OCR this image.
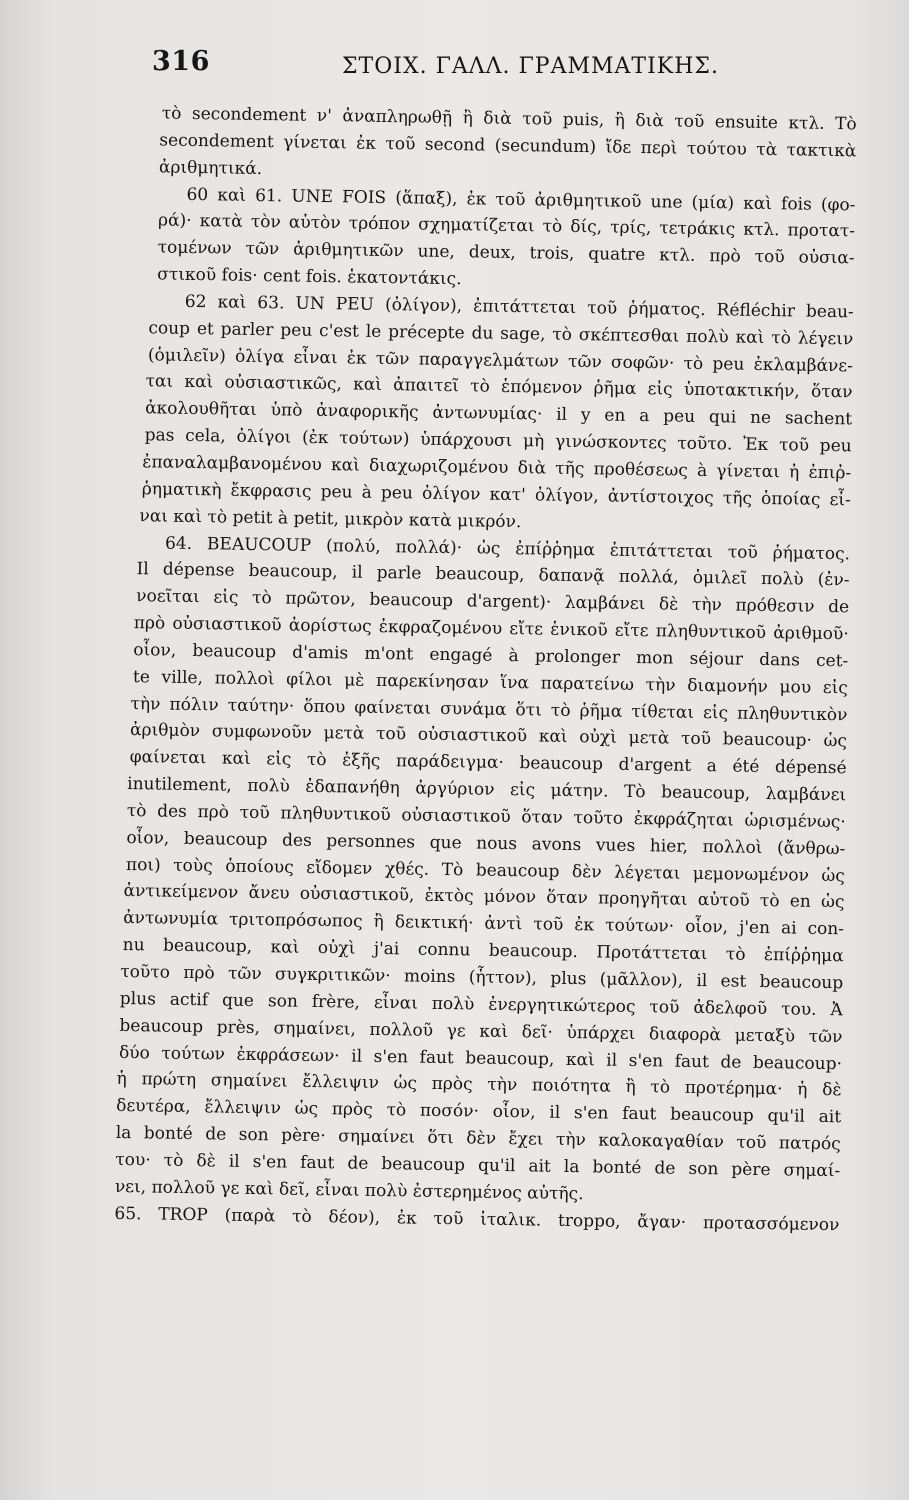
316	ΣΤΟΙΧ. ΓΑΛΛ. ΓΡΑΜΜΑΤΙΚΗΣ.
τὸ secondement ν' ἀναπληρωθῇ ἢ διὰ τοῦ puis, ἢ διὰ τοῦ ensuite κτλ. Τὸ
secondement γίνεται ἐκ τοῦ second (secundum) ἴδε περὶ τούτου τὰ τακτικὰ
ἀριθμητικά.
60 καὶ 61. UNE FOIS (ἅπαξ), ἐκ τοῦ ἀριθμητικοῦ une (μία) καὶ fois (φο-
ρά)· κατὰ τὸν αὐτὸν τρόπον σχηματίζεται τὸ δίς, τρίς, τετράκις κτλ. προτατ-
τομένων τῶν ἀριθμητικῶν une, deux, trois, quatre κτλ. πρὸ τοῦ οὐσια-
στικοῦ fois· cent fois. ἑκατοντάκις.
62 καὶ 63. UN PEU (ὀλίγον), ἐπιτάττεται τοῦ ῥήματος. Réfléchir beau-
coup et parler peu c'est le précepte du sage, τὸ σκέπτεσθαι πολὺ καὶ τὸ λέγειν
(ὁμιλεῖν) ὀλίγα εἶναι ἐκ τῶν παραγγελμάτων τῶν σοφῶν· τὸ peu ἐκλαμβάνε-
ται καὶ οὐσιαστικῶς, καὶ ἀπαιτεῖ τὸ ἑπόμενον ῥῆμα εἰς ὑποτακτικήν, ὅταν
ἀκολουθῆται ὑπὸ ἀναφορικῆς ἀντωνυμίας· il y en a peu qui ne sachent
pas cela, ὀλίγοι (ἐκ τούτων) ὑπάρχουσι μὴ γινώσκοντες τοῦτο. Ἐκ τοῦ peu
ἐπαναλαμβανομένου καὶ διαχωριζομένου διὰ τῆς προθέσεως à γίνεται ἡ ἐπιῤ-
ῥηματικὴ ἔκφρασις peu à peu ὀλίγον κατ' ὀλίγον, ἀντίστοιχος τῆς ὁποίας εἶ-
ναι καὶ τὸ petit à petit, μικρὸν κατὰ μικρόν.
64. BEAUCOUP (πολύ, πολλά)· ὡς ἐπίῤῥημα ἐπιτάττεται τοῦ ῥήματος.
Il dépense beaucoup, il parle beaucoup, δαπανᾷ πολλά, ὁμιλεῖ πολὺ (ἐν-
νοεῖται εἰς τὸ πρῶτον, beaucoup d'argent)· λαμβάνει δὲ τὴν πρόθεσιν de
πρὸ οὐσιαστικοῦ ἀορίστως ἐκφραζομένου εἴτε ἑνικοῦ εἴτε πληθυντικοῦ ἀριθμοῦ·
οἷον, beaucoup d'amis m'ont engagé à prolonger mon séjour dans cet-
te ville, πολλοὶ φίλοι μὲ παρεκίνησαν ἵνα παρατείνω τὴν διαμονήν μου εἰς
τὴν πόλιν ταύτην· ὅπου φαίνεται συνάμα ὅτι τὸ ῥῆμα τίθεται εἰς πληθυντικὸν
ἀριθμὸν συμφωνοῦν μετὰ τοῦ οὐσιαστικοῦ καὶ οὐχὶ μετὰ τοῦ beaucoup· ὡς
φαίνεται καὶ εἰς τὸ ἑξῆς παράδειγμα· beaucoup d'argent a été dépensé
inutilement, πολὺ ἐδαπανήθη ἀργύριον εἰς μάτην. Τὸ beaucoup, λαμβάνει
τὸ des πρὸ τοῦ πληθυντικοῦ οὐσιαστικοῦ ὅταν τοῦτο ἐκφράζηται ὡρισμένως·
οἷον, beaucoup des personnes que nous avons vues hier, πολλοὶ (ἄνθρω-
ποι) τοὺς ὁποίους εἴδομεν χθές. Τὸ beaucoup δὲν λέγεται μεμονωμένον ὡς
ἀντικείμενον ἄνευ οὐσιαστικοῦ, ἐκτὸς μόνον ὅταν προηγῆται αὐτοῦ τὸ en ὡς
ἀντωνυμία τριτοπρόσωπος ἢ δεικτική· ἀντὶ τοῦ ἐκ τούτων· οἷον, j'en ai con-
nu beaucoup, καὶ οὐχὶ j'ai connu beaucoup. Προτάττεται τὸ ἐπίῤῥημα
τοῦτο πρὸ τῶν συγκριτικῶν· moins (ἧττον), plus (μᾶλλον), il est beaucoup
plus actif que son frère, εἶναι πολὺ ἐνεργητικώτερος τοῦ ἀδελφοῦ του. Ἀ
beaucoup près, σημαίνει, πολλοῦ γε καὶ δεῖ· ὑπάρχει διαφορὰ μεταξὺ τῶν
δύο τούτων ἐκφράσεων· il s'en faut beaucoup, καὶ il s'en faut de beaucoup·
ἡ πρώτη σημαίνει ἔλλειψιν ὡς πρὸς τὴν ποιότητα ἢ τὸ προτέρημα· ἡ δὲ
δευτέρα, ἔλλειψιν ὡς πρὸς τὸ ποσόν· οἷον, il s'en faut beaucoup qu'il ait
la bonté de son père· σημαίνει ὅτι δὲν ἔχει τὴν καλοκαγαθίαν τοῦ πατρός
του· τὸ δὲ il s'en faut de beaucoup qu'il ait la bonté de son père σημαί-
νει, πολλοῦ γε καὶ δεῖ, εἶναι πολὺ ἐστερημένος αὐτῆς.
65. TROP (παρὰ τὸ δέον), ἐκ τοῦ ἰταλικ. troppo, ἄγαν· προτασσόμενον
